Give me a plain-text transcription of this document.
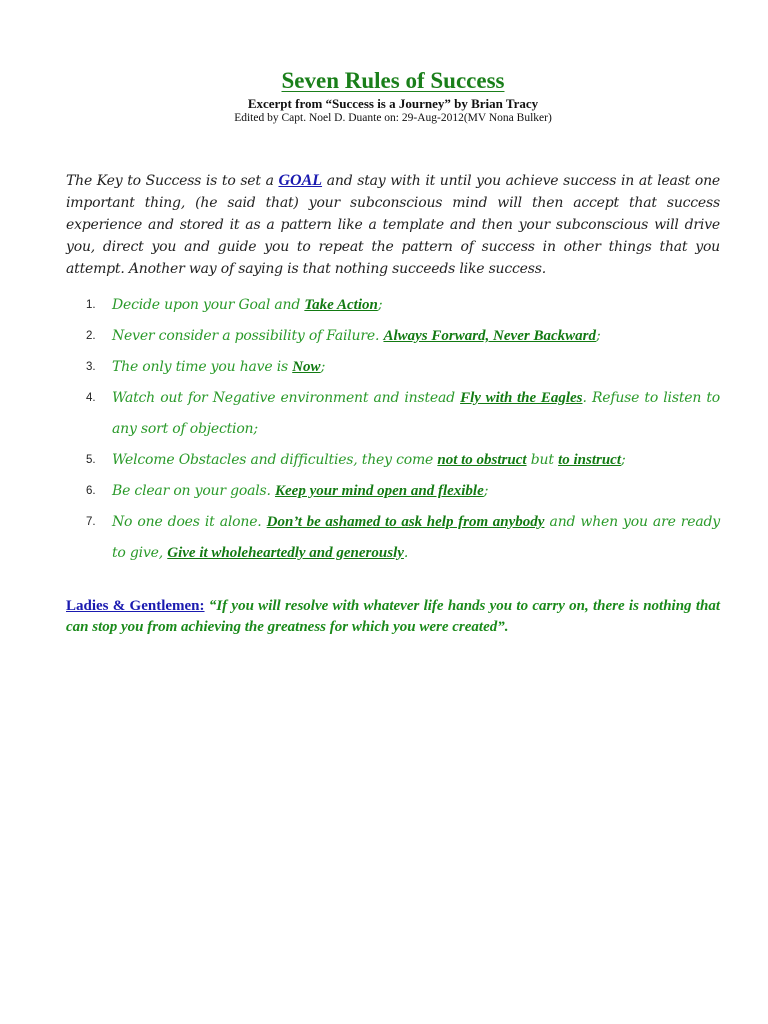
Seven Rules of Success
Excerpt from “Success is a Journey” by Brian Tracy
Edited by Capt. Noel D. Duante on: 29-Aug-2012(MV Nona Bulker)

The Key to Success is to set a GOAL and stay with it until you achieve success in at least one important thing, (he said that) your subconscious mind will then accept that success experience and stored it as a pattern like a template and then your subconscious will drive you, direct you and guide you to repeat the pattern of success in other things that you attempt. Another way of saying is that nothing succeeds like success.

1. Decide upon your Goal and Take Action;
2. Never consider a possibility of Failure. Always Forward, Never Backward;
3. The only time you have is Now;
4. Watch out for Negative environment and instead Fly with the Eagles. Refuse to listen to any sort of objection;
5. Welcome Obstacles and difficulties, they come not to obstruct but to instruct;
6. Be clear on your goals. Keep your mind open and flexible;
7. No one does it alone. Don’t be ashamed to ask help from anybody and when you are ready to give, Give it wholeheartedly and generously.

Ladies & Gentlemen: “If you will resolve with whatever life hands you to carry on, there is nothing that can stop you from achieving the greatness for which you were created”.
